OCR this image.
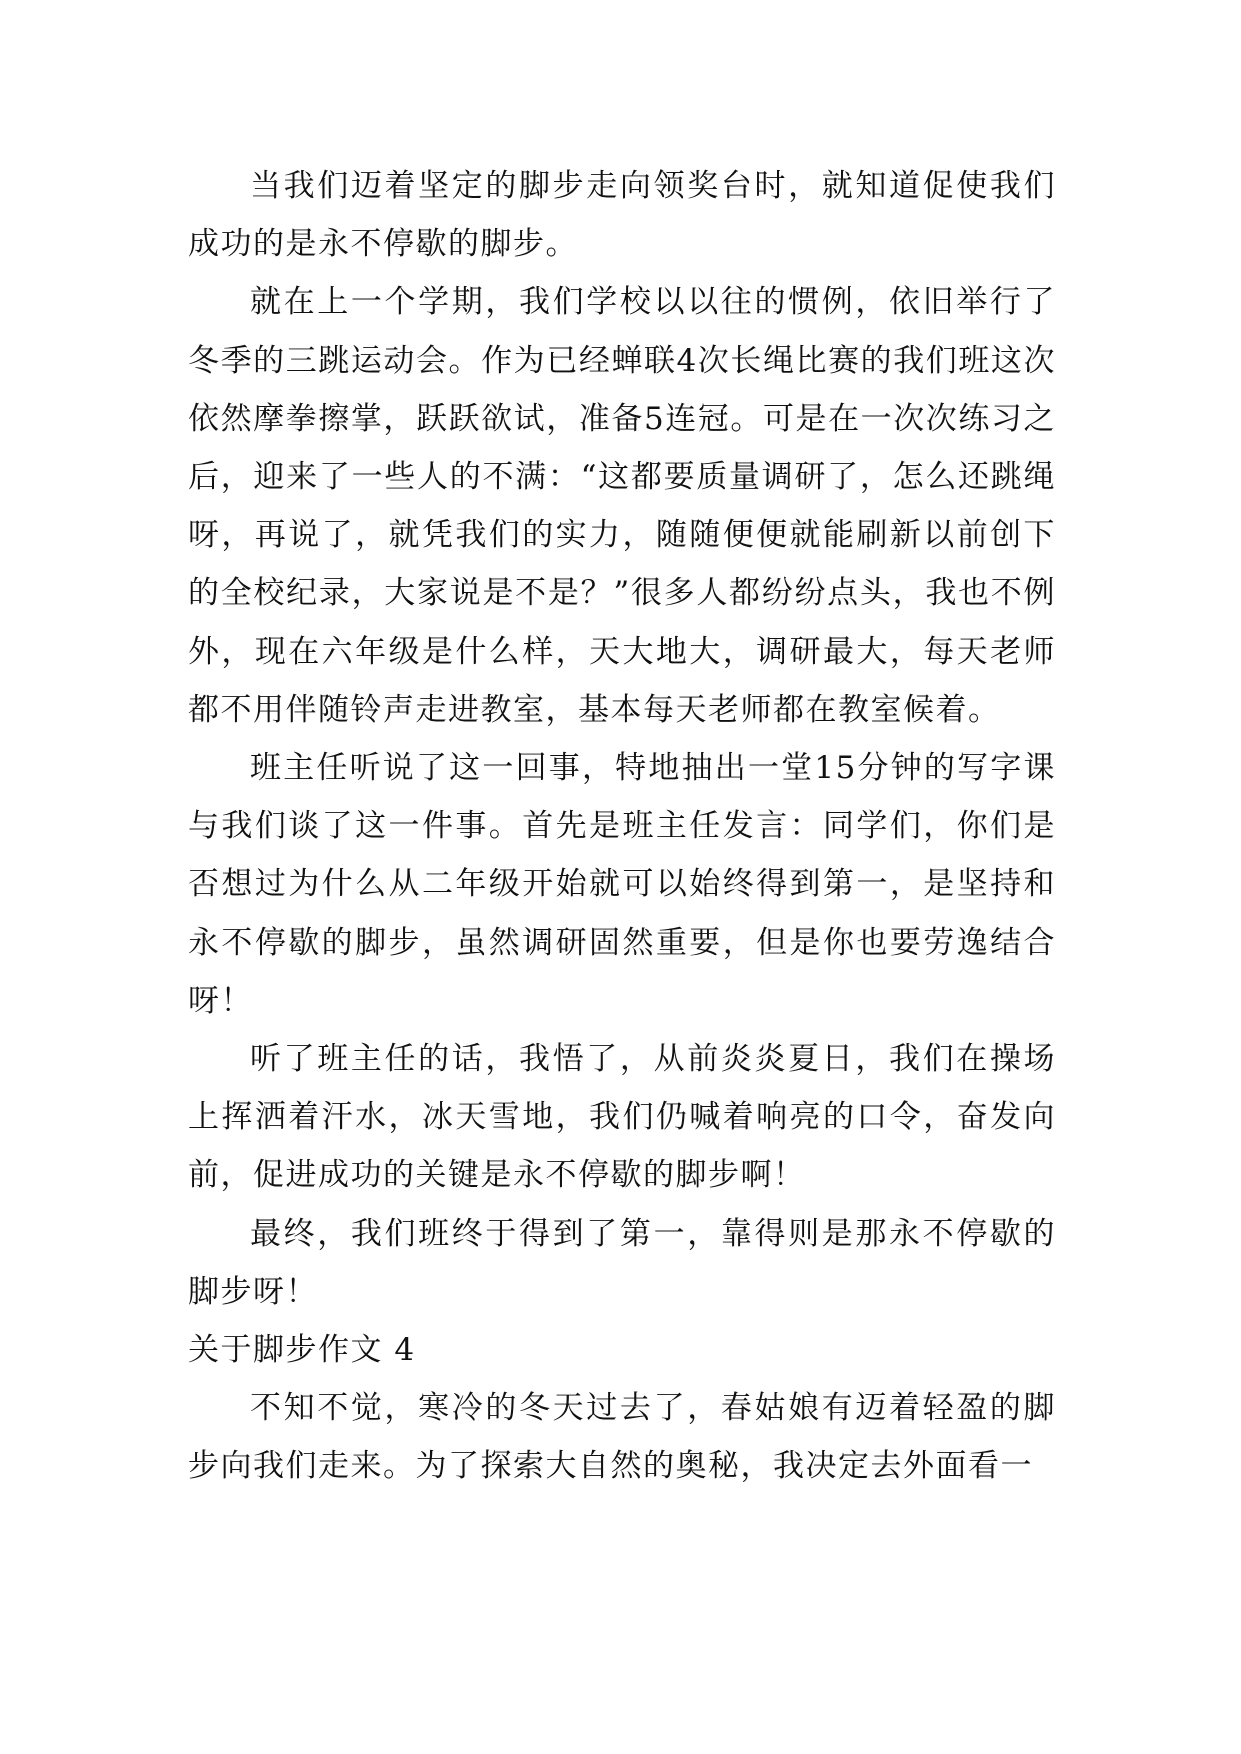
当我们迈着坚定的脚步走向领奖台时，就知道促使我们成功的是永不停歇的脚步。

就在上一个学期，我们学校以以往的惯例，依旧举行了冬季的三跳运动会。作为已经蝉联4次长绳比赛的我们班这次依然摩拳擦掌，跃跃欲试，准备5连冠。可是在一次次练习之后，迎来了一些人的不满：“这都要质量调研了，怎么还跳绳呀，再说了，就凭我们的实力，随随便便就能刷新以前创下的全校纪录，大家说是不是？”很多人都纷纷点头，我也不例外，现在六年级是什么样，天大地大，调研最大，每天老师都不用伴随铃声走进教室，基本每天老师都在教室候着。

班主任听说了这一回事，特地抽出一堂15分钟的写字课与我们谈了这一件事。首先是班主任发言：同学们，你们是否想过为什么从二年级开始就可以始终得到第一，是坚持和永不停歇的脚步，虽然调研固然重要，但是你也要劳逸结合呀！

听了班主任的话，我悟了，从前炎炎夏日，我们在操场上挥洒着汗水，冰天雪地，我们仍喊着响亮的口令，奋发向前，促进成功的关键是永不停歇的脚步啊！

最终，我们班终于得到了第一，靠得则是那永不停歇的脚步呀！

关于脚步作文 4

不知不觉，寒冷的冬天过去了，春姑娘有迈着轻盈的脚步向我们走来。为了探索大自然的奥秘，我决定去外面看一
